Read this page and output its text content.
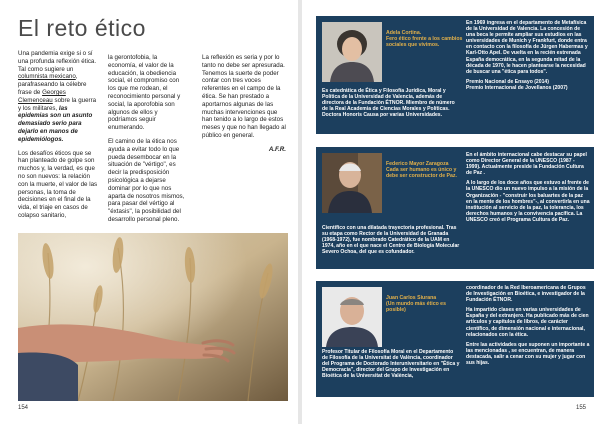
El reto ético

Una pandemia exige si o sí una profunda reflexión ética. Tal como sugiere un columnista mexicano, parafraseando la célebre frase de Georges Clemenceau sobre la guerra y los militares, las epidemias son un asunto demasiado serio para dejarlo en manos de epidemiólogos.

Los desafíos éticos que se han planteado de golpe son muchos y, la verdad, es que no son nuevos: la relación con la muerte, el valor de las personas, la toma de decisiones en el final de la vida, el triaje en casos de colapso sanitario,

la gerontofobia, la economía, el valor de la educación, la obediencia social, el compromiso con los que me rodean, el reconocimiento personal y social, la aporofobia son algunos de ellos y podríamos seguir enumerando.

El camino de la ética nos ayuda a evitar todo lo que pueda desembocar en la situación de "vértigo", es decir la predisposición psicológica a dejarse dominar por lo que nos aparta de nosotros mismos, para pasar del vértigo al "éxtasis", la posibilidad del desarrollo personal pleno.

La reflexión es seria y por lo tanto no debe ser apresurada. Tenemos la suerte de poder contar con tres voces referentes en el campo de la ética. Se han prestado a aportarnos algunas de las muchas intervenciones que han tenido a lo largo de estos meses y que no han llegado al público en general.

A.F.R.
154
Adela Cortina.
Fero ético frente a los cambios sociales que vivimos.

Es catedrática de Ética y Filosofía Jurídica, Moral y Política de la Universidad de Valencia, además de directora de la Fundación ÉTNOR. Miembro de número de la Real Academia de Ciencias Morales y Políticas. Doctora Honoris Causa por varias Universidades.

En 1969 ingresa en el departamento de Metafísica de la Universidad de Valencia. La concesión de una beca le permite ampliar sus estudios en las universidades de Munich y Frankfurt, donde entra en contacto con la filosofía de Jürgen Habermas y Karl-Otto Apel. De vuelta en la recién estrenada España democrática, en la segunda mitad de la década de 1970, le hacen plantearse la necesidad de buscar una "ética para todos".

Premio Nacional de Ensayo (2014)

Premio Internacional de Jovellanos (2007)

Federico Mayor Zaragoza
Cada ser humano es único y debe ser constructor de Paz.

Científico con una dilatada trayectoria profesional. Tras su etapa como Rector de la Universidad de Granada (1968-1972), fue nombrado Catedrático de la UAM en 1974, año en el que nace el Centro de Biología Molecular Severo Ochoa, del que es cofundador.

En el ámbito internacional cabe destacar su papel como Director General de la UNESCO (1987 - 1999). Actualmente preside la Fundación Cultura de Paz .

A lo largo de los doce años que estuvo al frente de la UNESCO dio un nuevo impulso a la misión de la Organización - "construir los baluartes de la paz en la mente de los hombres"-, al convertirla en una institución al servicio de la paz, la tolerancia, los derechos humanos y la convivencia pacífica. La UNESCO creó el Programa Cultura de Paz.

Juan Carlos Siurana
(Un mundo más ético es posible)

Profesor Titular de Filosofía Moral en el Departamento de Filosofía de la Universitat de València, coordinador del Programa de Doctorado Interuniversitario en "Ética y Democracia", director del Grupo de Investigación en Bioética de la Universitat de València,

coordinador de la Red Iberoamericana de Grupos de Investigación en Bioética, e investigador de la Fundación ÉTNOR.

Ha impartido clases en varias universidades de España y del extranjero. Ha publicado más de cien artículos y capítulos de libros, de carácter científico, de dimensión nacional e internacional, relacionados con la ética.

Entre las actividades que suponen un importante a las mencionadas , se encuentran, de manera destacada, salir a cenar con su mujer y jugar con sus hijas.

155
